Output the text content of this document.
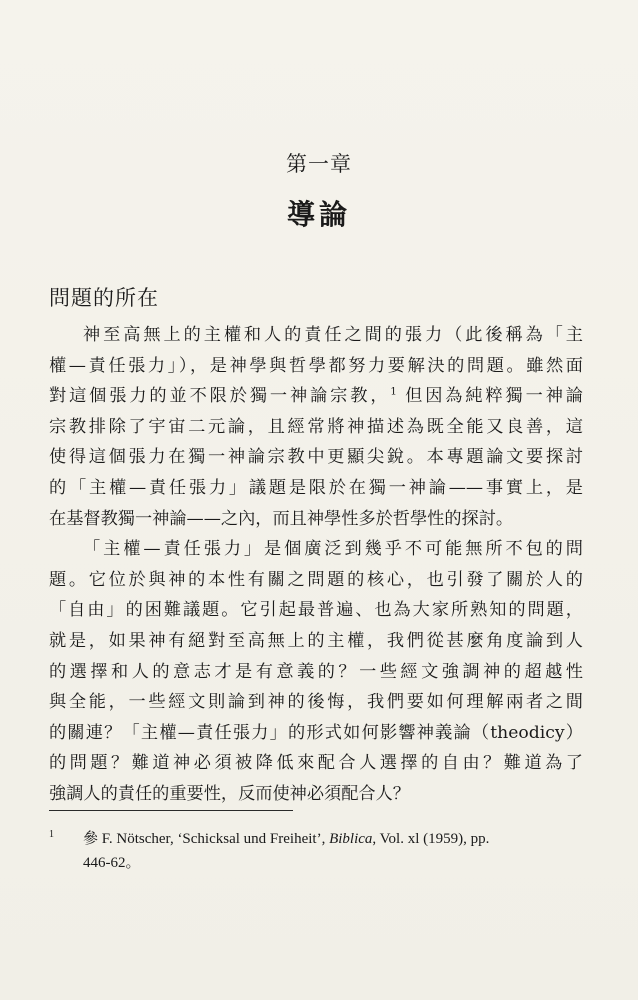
第一章
導論
問題的所在
神至高無上的主權和人的責任之間的張力（此後稱為「主
權—責任張力」），是神學與哲學都努力要解決的問題。雖然面
對這個張力的並不限於獨一神論宗教，$^1$ 但因為純粹獨一神論
宗教排除了宇宙二元論，且經常將神描述為既全能又良善，這
使得這個張力在獨一神論宗教中更顯尖銳。本專題論文要探討
的「主權—責任張力」議題是限於在獨一神論——事實上，是
在基督教獨一神論——之內，而且神學性多於哲學性的探討。
「主權—責任張力」是個廣泛到幾乎不可能無所不包的問
題。它位於與神的本性有關之問題的核心，也引發了關於人的
「自由」的困難議題。它引起最普遍、也為大家所熟知的問題，
就是，如果神有絕對至高無上的主權，我們從甚麼角度論到人
的選擇和人的意志才是有意義的？一些經文強調神的超越性
與全能，一些經文則論到神的後悔，我們要如何理解兩者之間
的關連？「主權—責任張力」的形式如何影響神義論（theodicy）
的問題？難道神必須被降低來配合人選擇的自由？難道為了
強調人的責任的重要性，反而使神必須配合人？
1	參 F. Nötscher, ‘Schicksal und Freiheit’, Biblica, Vol. xl (1959), pp.
446-62。
